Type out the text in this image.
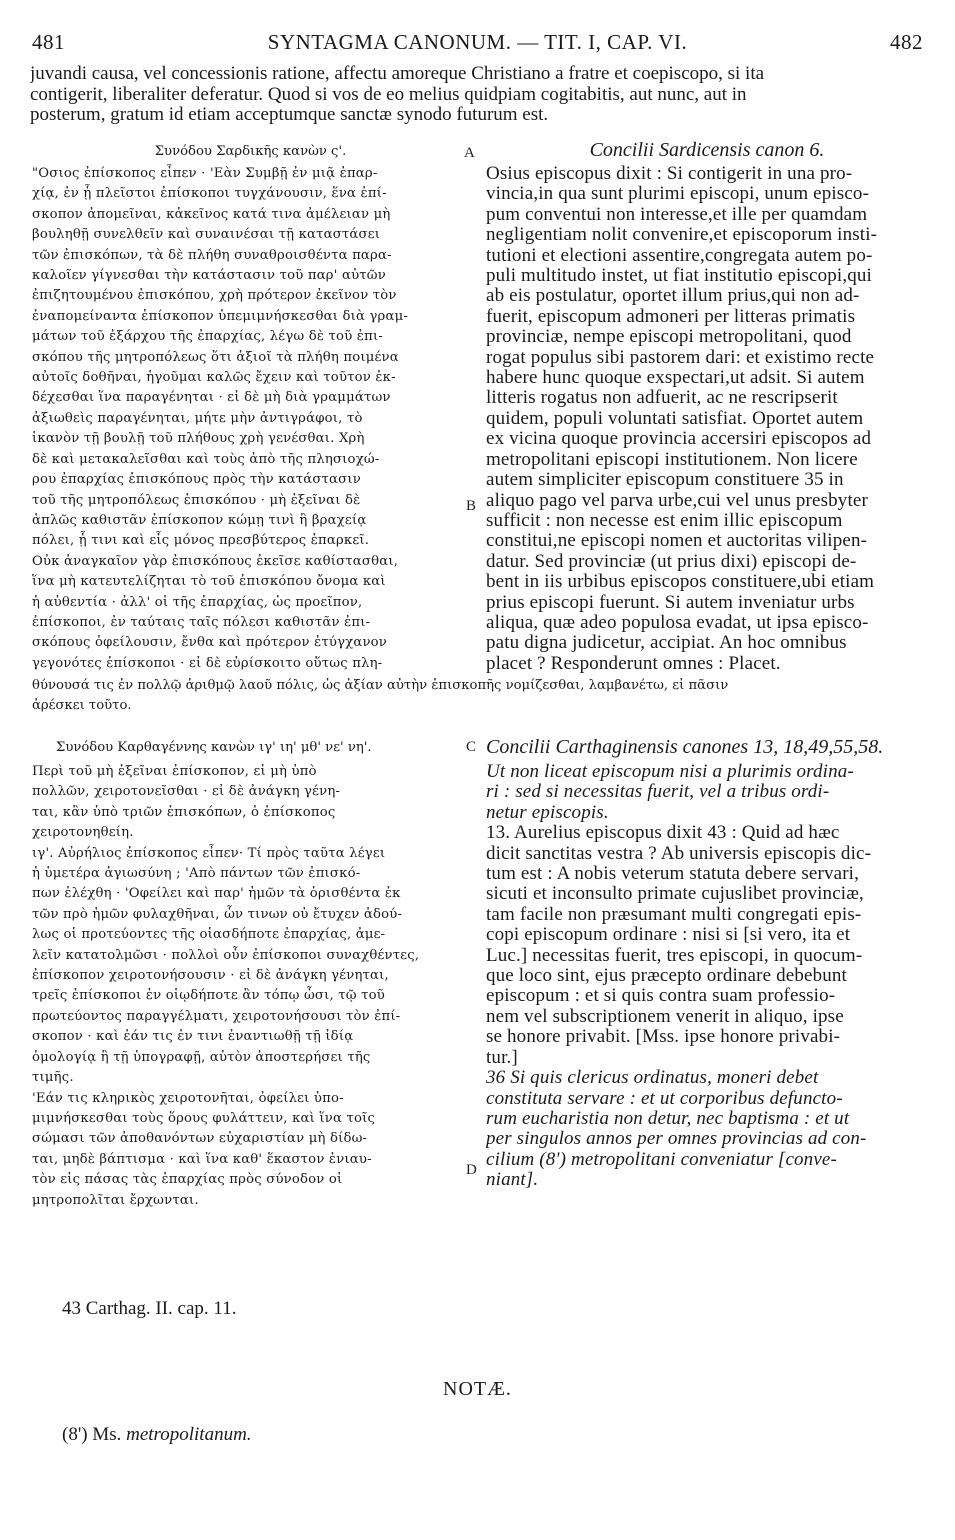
481	SYNTAGMA CANONUM. — TIT. I, CAP. VI.	482
juvandi causa, vel concessionis ratione, affectu amoreque Christiano a fratre et coepiscopo, si ita
contigerit, liberaliter deferatur. Quod si vos de eo melius quidpiam cogitabitis, aut nunc, aut in
posterum, gratum id etiam acceptumque sanctæ synodo futurum est.
Συνόδου Σαρδικῆς κανὼν ς'.	A	Concilii Sardicensis canon 6.
"Οσιος ἐπίσκοπος εἶπεν · 'Εὰν Συμβῇ ἐν μιᾷ ἐπαρ-
χίᾳ, ἐν ᾗ πλεῖστοι ἐπίσκοποι τυγχάνουσιν, ἕνα ἐπί-
σκοπον ἀπομεῖναι, κἀκεῖνος κατά τινα ἀμέλειαν μὴ
βουληθῇ συνελθεῖν καὶ συναινέσαι τῇ καταστάσει
τῶν ἐπισκόπων, τὰ δὲ πλήθη συναθροισθέντα παρα-
καλοῖεν γίγνεσθαι τὴν κατάστασιν τοῦ παρ' αὐτῶν
ἐπιζητουμένου ἐπισκόπου, χρὴ πρότερον ἐκεῖνον τὸν
ἐναπομείναντα ἐπίσκοπον ὑπεμιμνήσκεσθαι διὰ γραμ-
μάτων τοῦ ἐξάρχου τῆς ἐπαρχίας, λέγω δὲ τοῦ ἐπι-
σκόπου τῆς μητροπόλεως ὅτι ἀξιοῖ τὰ πλήθη ποιμένα
αὐτοῖς δοθῆναι, ἡγοῦμαι καλῶς ἔχειν καὶ τοῦτον ἐκ-
δέχεσθαι ἵνα παραγένηται · εἰ δὲ μὴ διὰ γραμμάτων
ἀξιωθεὶς παραγένηται, μήτε μὴν ἀντιγράφοι, τὸ
ἱκανὸν τῇ βουλῇ τοῦ πλήθους χρὴ γενέσθαι. Χρὴ
δὲ καὶ μετακαλεῖσθαι καὶ τοὺς ἀπὸ τῆς πλησιοχώ-
ρου ἐπαρχίας ἐπισκόπους πρὸς τὴν κατάστασιν
τοῦ τῆς μητροπόλεως ἐπισκόπου · μὴ ἐξεῖναι δὲ
ἁπλῶς καθιστᾶν ἐπίσκοπον κώμῃ τινὶ ἢ βραχείᾳ
πόλει, ᾗ τινι καὶ εἷς μόνος πρεσβύτερος ἐπαρκεῖ.
Οὐκ ἀναγκαῖον γὰρ ἐπισκόπους ἐκεῖσε καθίστασθαι,
ἵνα μὴ κατευτελίζηται τὸ τοῦ ἐπισκόπου ὄνομα καὶ
ἡ αὐθεντία · ἀλλ' οἱ τῆς ἐπαρχίας, ὡς προεῖπον,
ἐπίσκοποι, ἐν ταύταις ταῖς πόλεσι καθιστᾶν ἐπι-
σκόπους ὀφείλουσιν, ἔνθα καὶ πρότερον ἐτύγχανον
γεγονότες ἐπίσκοποι · εἰ δὲ εὑρίσκοιτο οὕτως πλη-
Osius episcopus dixit : Si contigerit in una pro-
vincia,in qua sunt plurimi episcopi, unum episco-
pum conventui non interesse,et ille per quamdam
negligentiam nolit convenire,et episcoporum insti-
tutioni et electioni assentire,congregata autem po-
puli multitudo instet, ut fiat institutio episcopi,qui
ab eis postulatur, oportet illum prius,qui non ad-
fuerit, episcopum admoneri per litteras primatis
provinciæ, nempe episcopi metropolitani, quod
rogat populus sibi pastorem dari: et existimo recte
habere hunc quoque exspectari,ut adsit. Si autem
litteris rogatus non adfuerit, ac ne rescripserit
quidem, populi voluntati satisfiat. Oportet autem
ex vicina quoque provincia accersiri episcopos ad
metropolitani episcopi institutionem. Non licere
autem simpliciter episcopum constituere 35 in
aliquo pago vel parva urbe,cui vel unus presbyter
sufficit : non necesse est enim illic episcopum
constitui,ne episcopi nomen et auctoritas vilipen-
datur. Sed provinciæ (ut prius dixi) episcopi de-
bent in iis urbibus episcopos constituere,ubi etiam
prius episcopi fuerunt. Si autem inveniatur urbs
aliqua, quæ adeo populosa evadat, ut ipsa episco-
patu digna judicetur, accipiat. An hoc omnibus
placet ? Responderunt omnes : Placet.
B
θύνουσά τις ἐν πολλῷ ἀριθμῷ λαοῦ πόλις, ὡς ἀξίαν αὐτὴν ἐπισκοπῆς νομίζεσθαι, λαμβανέτω, εἰ πᾶσιν
ἀρέσκει τοῦτο.
Συνόδου Καρθαγέννης κανὼν ιγ' ιη' μθ' νε' νη'.	C Concilii Carthaginensis canones 13, 18,49,55,58.
Περὶ τοῦ μὴ ἐξεῖναι ἐπίσκοπον, εἰ μὴ ὑπὸ
πολλῶν, χειροτονεῖσθαι · εἰ δὲ ἀνάγκη γένη-
ται, κἂν ὑπὸ τριῶν ἐπισκόπων, ὁ ἐπίσκοπος
χειροτονηθείη.
ιγ'. Αὐρήλιος ἐπίσκοπος εἶπεν· Τί πρὸς ταῦτα λέγει
ἡ ὑμετέρα ἁγιωσύνη ; 'Απὸ πάντων τῶν ἐπισκό-
πων ἐλέχθη · 'Οφείλει καὶ παρ' ἡμῶν τὰ ὁρισθέντα ἐκ
τῶν πρὸ ἡμῶν φυλαχθῆναι, ὧν τινων οὐ ἔτυχεν ἀδού-
λως οἱ προτεύοντες τῆς οἱασδήποτε ἐπαρχίας, ἀμε-
λεῖν κατατολμῶσι · πολλοὶ οὖν ἐπίσκοποι συναχθέντες,
ἐπίσκοπον χειροτονήσουσιν · εἰ δὲ ἀνάγκη γένηται,
τρεῖς ἐπίσκοποι ἐν οἱῳδήποτε ἂν τόπῳ ὦσι, τῷ τοῦ
πρωτεύοντος παραγγέλματι, χειροτονήσουσι τὸν ἐπί-
σκοπον · καὶ ἐάν τις ἐν τινι ἐναντιωθῇ τῇ ἰδίᾳ
ὁμολογίᾳ ἢ τῇ ὑπογραφῇ, αὐτὸν ἀποστερήσει τῆς
τιμῆς.
'Εάν τις κληρικὸς χειροτονῆται, ὀφείλει ὑπο-
μιμνήσκεσθαι τοὺς ὅρους φυλάττειν, καὶ ἵνα τοῖς
σώμασι τῶν ἀποθανόντων εὐχαριστίαν μὴ δίδω-
ται, μηδὲ βάπτισμα · καὶ ἵνα καθ' ἕκαστον ἐνιαυ-
τὸν εἰς πάσας τὰς ἐπαρχίας πρὸς σύνοδον οἱ
μητροπολῖται ἔρχωνται.
Ut non liceat episcopum nisi a plurimis ordina-
ri : sed si necessitas fuerit, vel a tribus ordi-
netur episcopis.
13. Aurelius episcopus dixit 43 : Quid ad hæc
dicit sanctitas vestra ? Ab universis episcopis dic-
tum est : A nobis veterum statuta debere servari,
sicuti et inconsulto primate cujuslibet provinciæ,
tam facile non præsumant multi congregati epis-
copi episcopum ordinare : nisi si [si vero, ita et
Luc.] necessitas fuerit, tres episcopi, in quocum-
que loco sint, ejus præcepto ordinare debebunt
episcopum : et si quis contra suam professio-
nem vel subscriptionem venerit in aliquo, ipse
se honore privabit. [Mss. ipse honore privabi-
tur.]
36 Si quis clericus ordinatus, moneri debet
constituta servare : et ut corporibus defuncto-
rum eucharistia non detur, nec baptisma : et ut
per singulos annos per omnes provincias ad con-
cilium (8') metropolitani conveniatur [conve-
niant].
D
43 Carthag. II. cap. 11.
NOTÆ.
(8') Ms. metropolitanum.
